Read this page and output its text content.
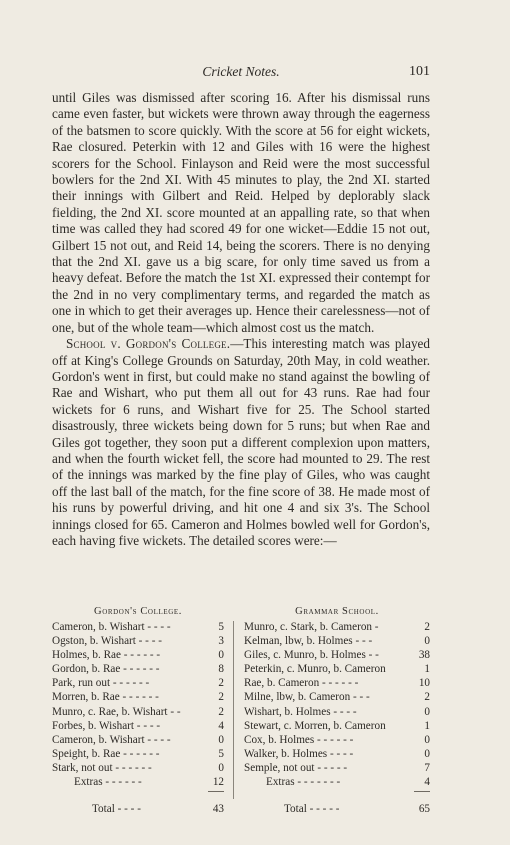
Cricket Notes.	101

until Giles was dismissed after scoring 16. After his dismissal runs came even faster, but wickets were thrown away through the eagerness of the batsmen to score quickly. With the score at 56 for eight wickets, Rae closured. Peterkin with 12 and Giles with 16 were the highest scorers for the School. Finlayson and Reid were the most successful bowlers for the 2nd XI. With 45 minutes to play, the 2nd XI. started their innings with Gilbert and Reid. Helped by deplorably slack fielding, the 2nd XI. score mounted at an appalling rate, so that when time was called they had scored 49 for one wicket—Eddie 15 not out, Gilbert 15 not out, and Reid 14, being the scorers. There is no denying that the 2nd XI. gave us a big scare, for only time saved us from a heavy defeat. Before the match the 1st XI. expressed their contempt for the 2nd in no very complimentary terms, and regarded the match as one in which to get their averages up. Hence their carelessness—not of one, but of the whole team—which almost cost us the match.

School v. Gordon's College.—This interesting match was played off at King's College Grounds on Saturday, 20th May, in cold weather. Gordon's went in first, but could make no stand against the bowling of Rae and Wishart, who put them all out for 43 runs. Rae had four wickets for 6 runs, and Wishart five for 25. The School started disastrously, three wickets being down for 5 runs; but when Rae and Giles got together, they soon put a different complexion upon matters, and when the fourth wicket fell, the score had mounted to 29. The rest of the innings was marked by the fine play of Giles, who was caught off the last ball of the match, for the fine score of 38. He made most of his runs by powerful driving, and hit one 4 and six 3's. The School innings closed for 65. Cameron and Holmes bowled well for Gordon's, each having five wickets. The detailed scores were:—

Gordon's College.
Cameron, b. Wishart - - - -	5
Ogston, b. Wishart - - - -	3
Holmes, b. Rae - - - - - -	0
Gordon, b. Rae - - - - - -	8
Park, run out - - - - - -	2
Morren, b. Rae - - - - - -	2
Munro, c. Rae, b. Wishart - -	2
Forbes, b. Wishart - - - -	4
Cameron, b. Wishart - - - -	0
Speight, b. Rae - - - - - -	5
Stark, not out - - - - - -	0
Extras - - - - - -	12
Total - - - -	43
Grammar School.
Munro, c. Stark, b. Cameron -	2
Kelman, lbw, b. Holmes - - -	0
Giles, c. Munro, b. Holmes - -	38
Peterkin, c. Munro, b. Cameron	1
Rae, b. Cameron - - - - - -	10
Milne, lbw, b. Cameron - - -	2
Wishart, b. Holmes - - - -	0
Stewart, c. Morren, b. Cameron	1
Cox, b. Holmes - - - - - -	0
Walker, b. Holmes - - - -	0
Semple, not out - - - - -	7
Extras - - - - - - -	4
Total - - - - -	65
